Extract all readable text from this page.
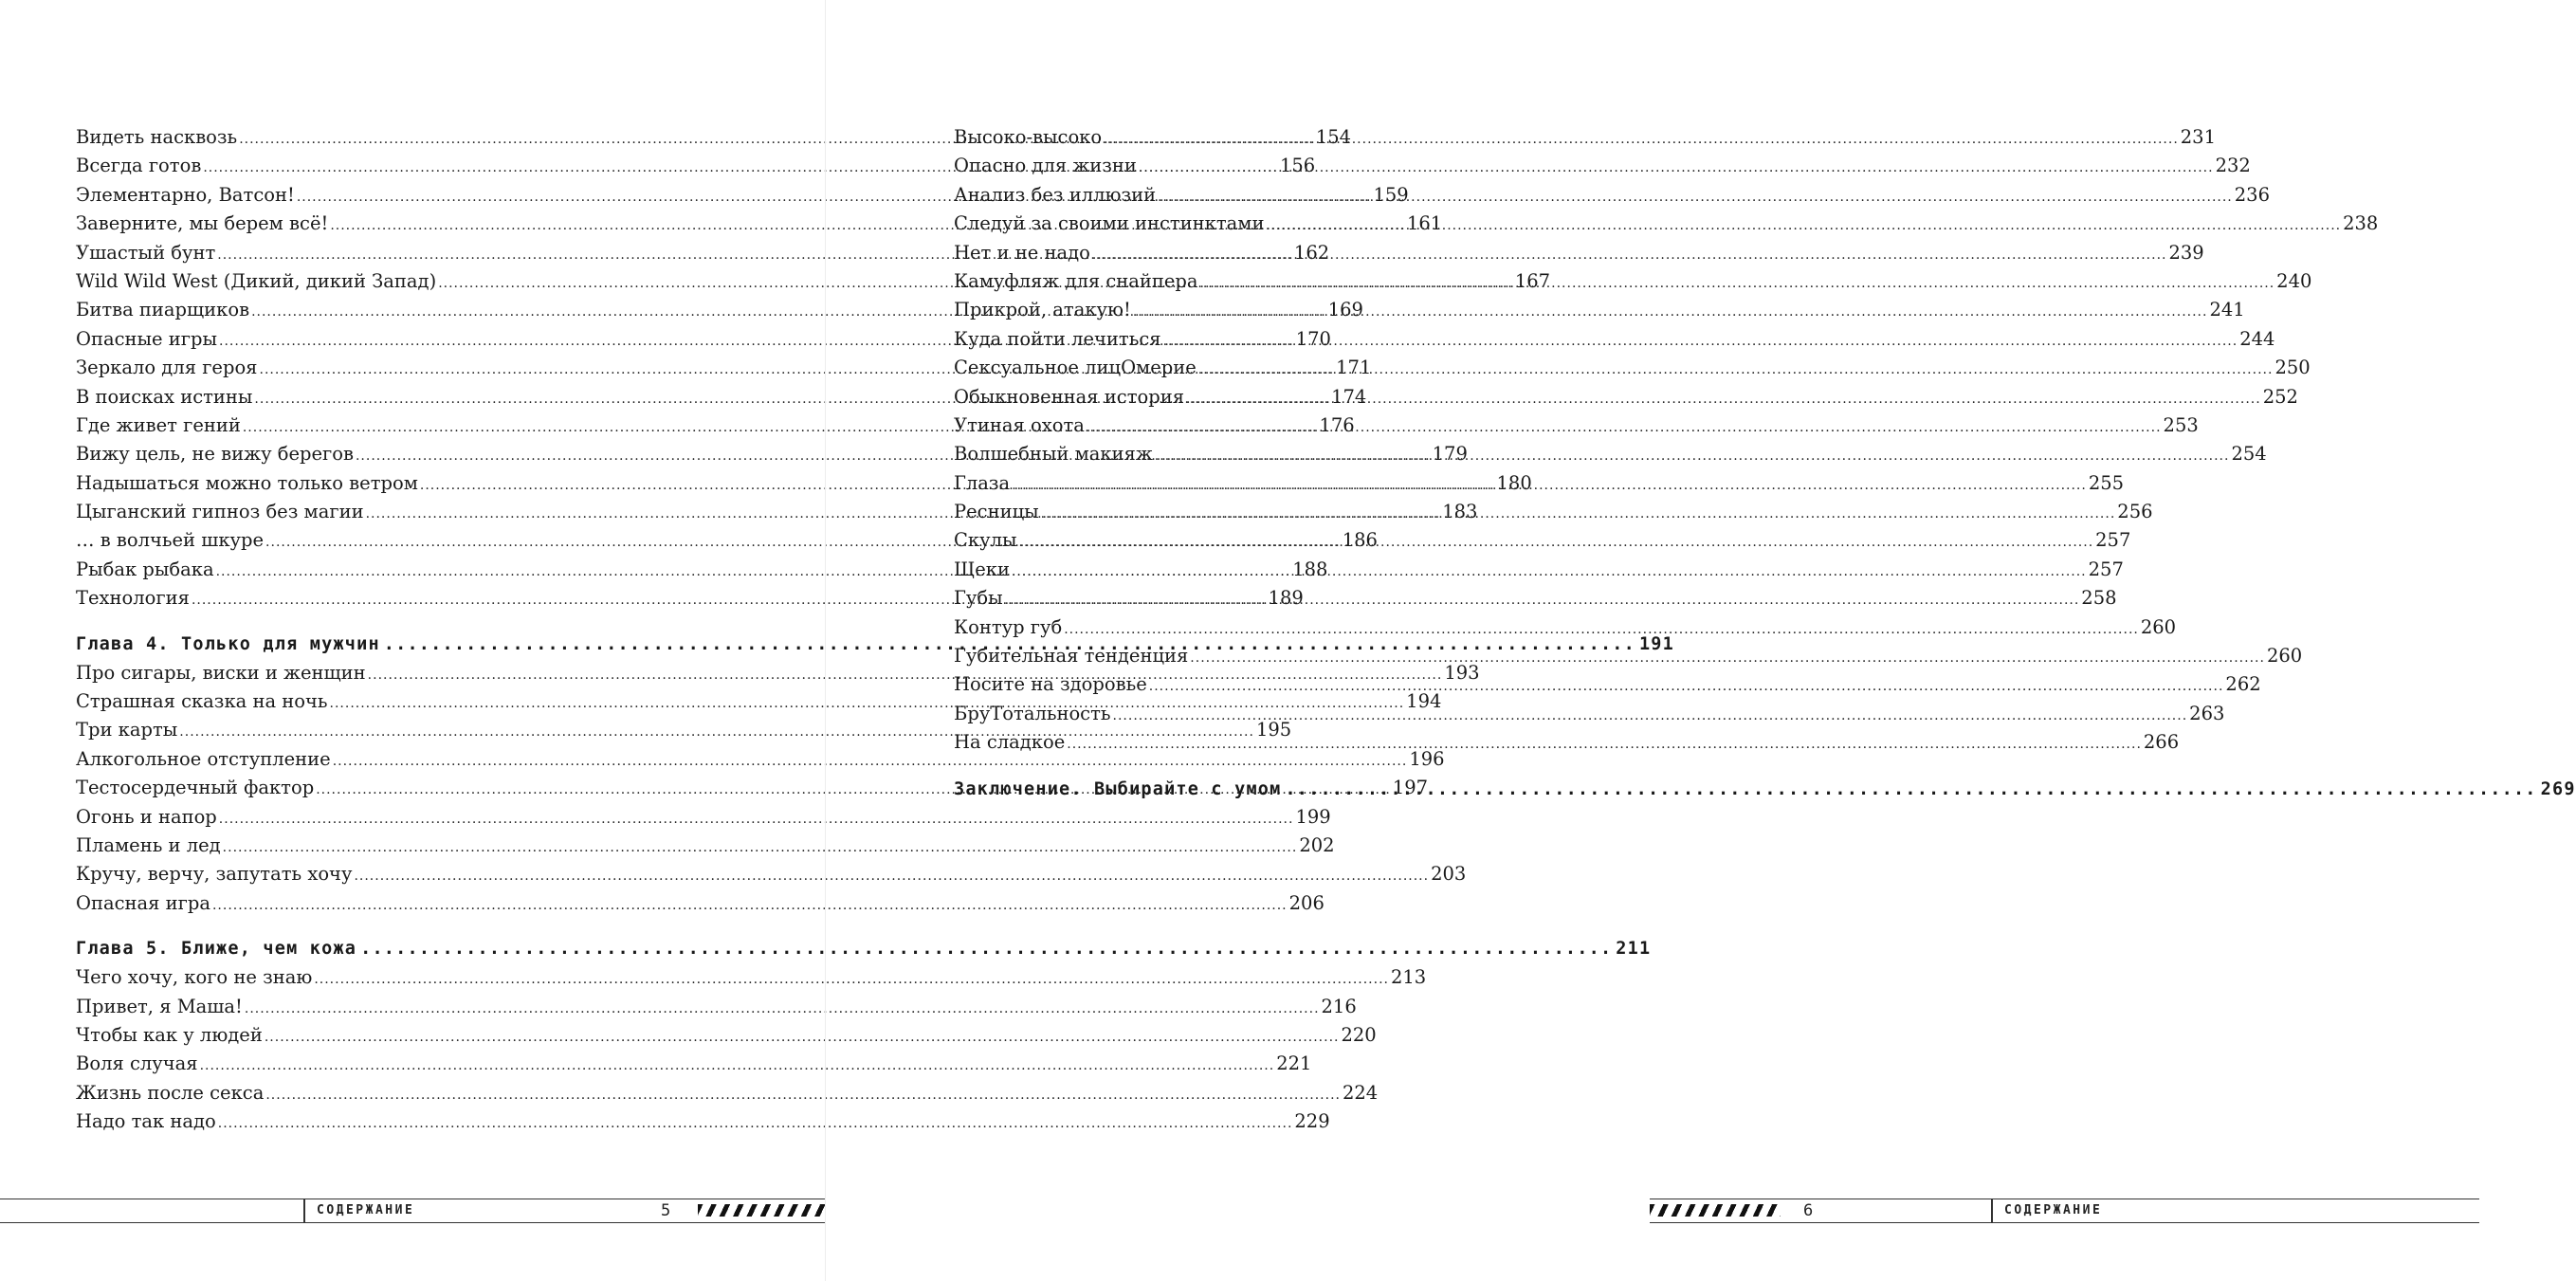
Видеть насквозь .....	154
Всегда готов .....	156
Элементарно, Ватсон! .....	159
Заверните, мы берем всё! .....	161
Ушастый бунт .....	162
Wild Wild West (Дикий, дикий Запад) .....	167
Битва пиарщиков .....	169
Опасные игры .....	170
Зеркало для героя .....	171
В поисках истины .....	174
Где живет гений .....	176
Вижу цель, не вижу берегов .....	179
Надышаться можно только ветром .....	180
Цыганский гипноз без магии .....	183
… в волчьей шкуре .....	186
Рыбак рыбака .....	188
Технология .....	189
Глава 4. Только для мужчин .....	191
Про сигары, виски и женщин .....	193
Страшная сказка на ночь .....	194
Три карты .....	195
Алкогольное отступление .....	196
Тестосердечный фактор .....	197
Огонь и напор .....	199
Пламень и лед .....	202
Кручу, верчу, запутать хочу .....	203
Опасная игра .....	206
Глава 5. Ближе, чем кожа .....	211
Чего хочу, кого не знаю .....	213
Привет, я Маша! .....	216
Чтобы как у людей .....	220
Воля случая .....	221
Жизнь после секса .....	224
Надо так надо .....	229
СОДЕРЖАНИЕ	5
Высоко-высоко .....	231
Опасно для жизни .....	232
Анализ без иллюзий .....	236
Следуй за своими инстинктами .....	238
Нет и не надо .....	239
Камуфляж для снайпера .....	240
Прикрой, атакую! .....	241
Куда пойти лечиться .....	244
Сексуальное лицОмерие .....	250
Обыкновенная история .....	252
Утиная охота .....	253
Волшебный макияж .....	254
Глаза .....	255
Ресницы .....	256
Скулы .....	257
Щеки .....	257
Губы .....	258
Контур губ .....	260
Губительная тенденция .....	260
Носите на здоровье .....	262
БруТотальность .....	263
На сладкое .....	266
Заключение. Выбирайте с умом .....	269
6	СОДЕРЖАНИЕ
